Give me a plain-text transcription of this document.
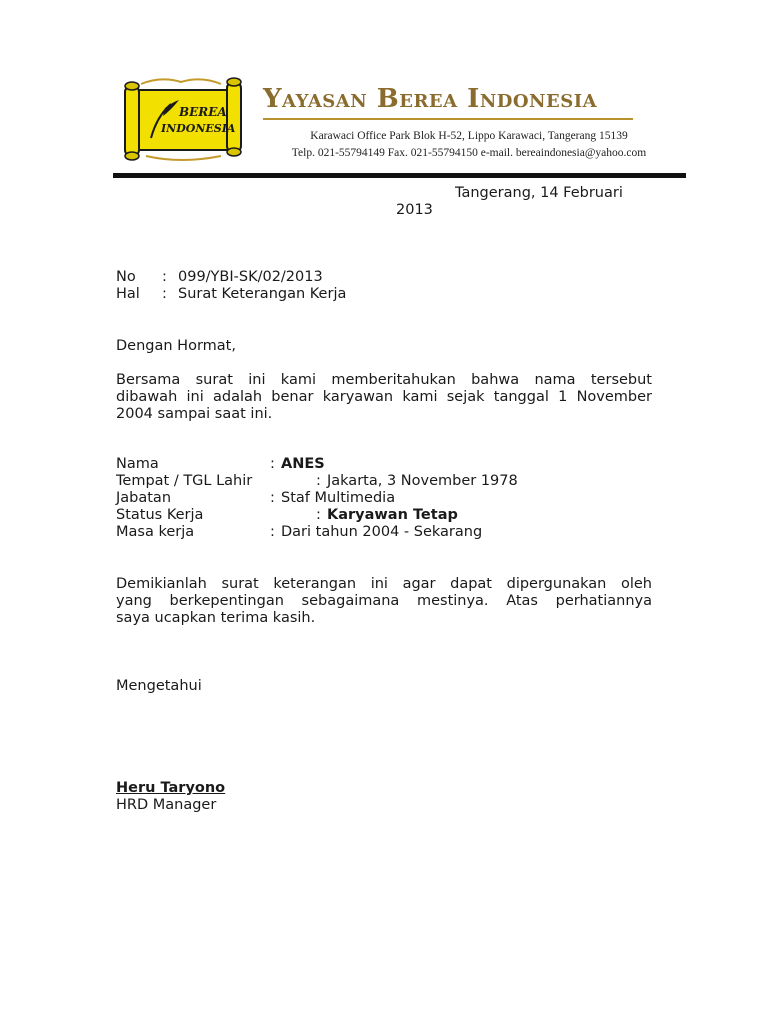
BEREA
INDONESIA
Yayasan Berea Indonesia
Karawaci Office Park Blok H-52, Lippo Karawaci, Tangerang 15139
Telp. 021-55794149 Fax. 021-55794150 e-mail. bereaindonesia@yahoo.com
Tangerang, 14 Februari
2013
No : 099/YBI-SK/02/2013
Hal : Surat Keterangan Kerja
Dengan Hormat,
Bersama surat ini kami memberitahukan bahwa nama tersebut
dibawah ini adalah benar karyawan kami sejak tanggal 1 November
2004 sampai saat ini.
Nama	: ANES
Tempat / TGL Lahir	: Jakarta, 3 November 1978
Jabatan	: Staf Multimedia
Status Kerja	: Karyawan Tetap
Masa kerja	: Dari tahun 2004 - Sekarang
Demikianlah surat keterangan ini agar dapat dipergunakan oleh
yang berkepentingan sebagaimana mestinya. Atas perhatiannya
saya ucapkan terima kasih.
Mengetahui
Heru Taryono
HRD Manager
